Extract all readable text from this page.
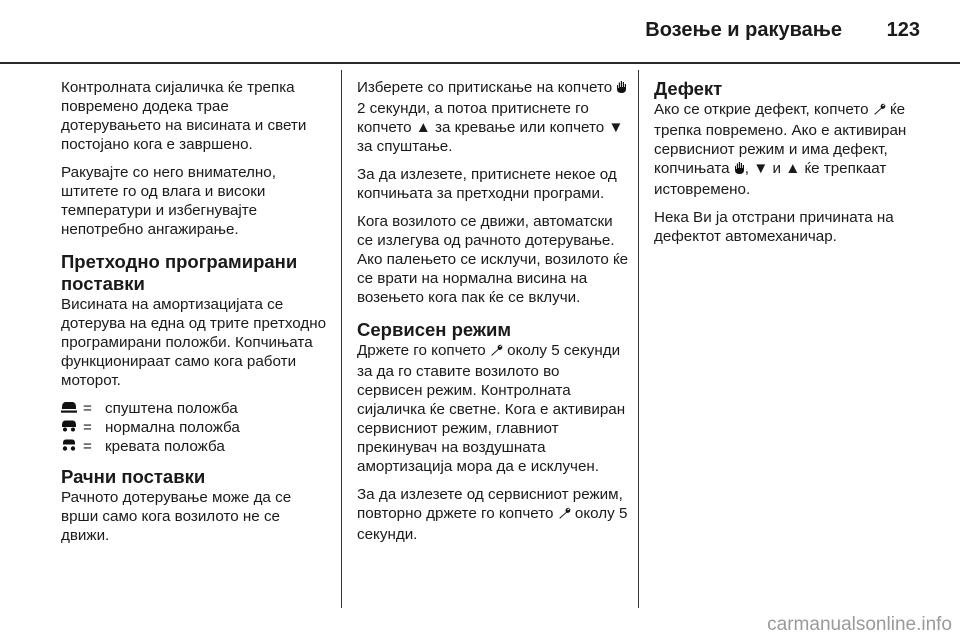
Возење и ракување 123

Контролната сијаличка ќе трепка повремено додека трае дотерувањето на висината и свети постојано кога е завршено.

Ракувајте со него внимателно, штитете го од влага и високи температури и избегнувајте непотребно ангажирање.

Претходно програмирани поставки

Висината на амортизацијата се дотерува на една од трите претходно програмирани положби. Копчињата функционираат само кога работи моторот.

= спуштена положба
= нормална положба
= кревата положба
Рачни поставки

Рачното дотерување може да се врши само кога возилото не се движи.

Изберете со притискање на копчето  2 секунди, а потоа притиснете го копчето ▲ за кревање или копчето ▼ за спуштање.

За да излезете, притиснете некое од копчињата за претходни програми.

Кога возилото се движи, автоматски се излегува од рачното дотерување. Ако палењето се исклучи, возилото ќе се врати на нормална висина на возењето кога пак ќе се вклучи.

Сервисен режим

Држете го копчето  околу 5 секунди за да го ставите возилото во сервисен режим. Контролната сијаличка ќе светне. Кога е активиран сервисниот режим, главниот прекинувач на воздушната амортизација мора да е исклучен.

За да излезете од сервисниот режим, повторно држете го копчето  околу 5 секунди.

Дефект

Ако се открие дефект, копчето  ќе трепка повремено. Ако е активиран сервисниот режим и има дефект, копчињата , ▼ и ▲ ќе трепкаат истовремено.

Нека Ви ја отстрани причината на дефектот автомеханичар.

carmanualsonline.info
